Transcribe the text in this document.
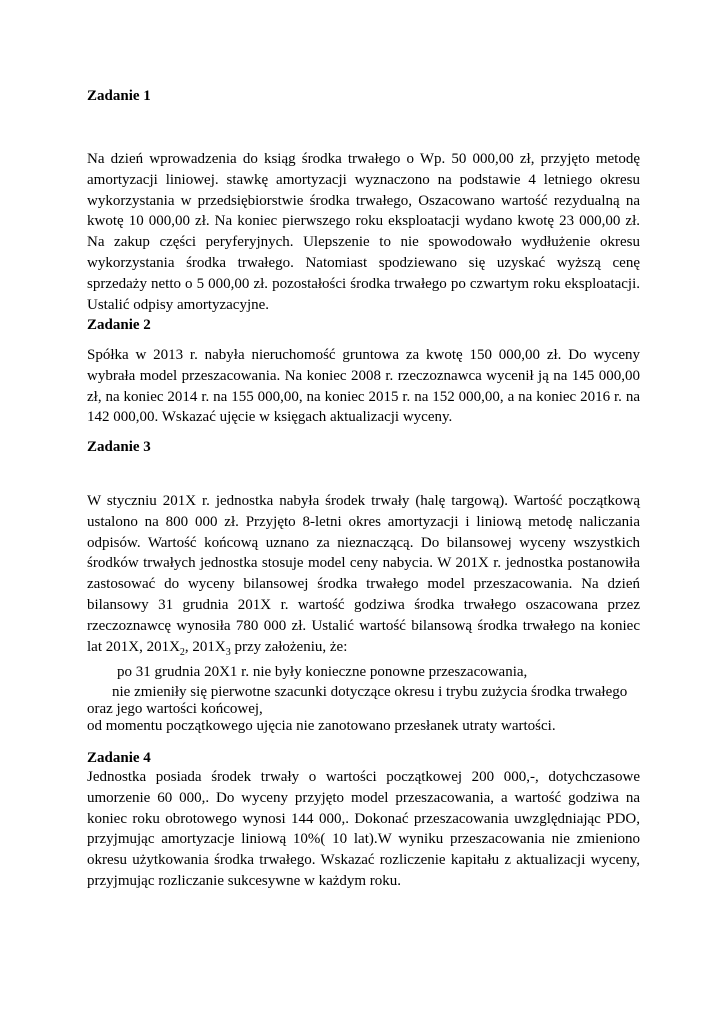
Zadanie 1

Na dzień wprowadzenia do ksiąg środka trwałego o Wp. 50 000,00 zł, przyjęto metodę amortyzacji liniowej. stawkę amortyzacji wyznaczono na podstawie 4 letniego okresu wykorzystania w przedsiębiorstwie środka trwałego, Oszacowano wartość rezydualną na kwotę 10 000,00 zł. Na koniec pierwszego roku eksploatacji wydano kwotę 23 000,00 zł. Na zakup części peryferyjnych. Ulepszenie to nie spowodowało wydłużenie okresu wykorzystania środka trwałego. Natomiast spodziewano się uzyskać wyższą cenę sprzedaży netto o 5 000,00 zł. pozostałości środka trwałego po czwartym roku eksploatacji. Ustalić odpisy amortyzacyjne.

Zadanie 2

Spółka w 2013 r. nabyła nieruchomość gruntowa za kwotę 150 000,00 zł. Do wyceny wybrała model przeszacowania. Na koniec 2008 r. rzeczoznawca wycenił ją na 145 000,00 zł, na koniec 2014 r. na 155 000,00, na koniec 2015 r. na 152 000,00, a na koniec 2016 r. na 142 000,00. Wskazać ujęcie w księgach aktualizacji wyceny.

Zadanie 3

W styczniu 201X r. jednostka nabyła środek trwały (halę targową). Wartość początkową ustalono na 800 000 zł. Przyjęto 8-letni okres amortyzacji i liniową metodę naliczania odpisów. Wartość końcową uznano za nieznaczącą. Do bilansowej wyceny wszystkich środków trwałych jednostka stosuje model ceny nabycia. W 201X r. jednostka postanowiła zastosować do wyceny bilansowej środka trwałego model przeszacowania. Na dzień bilansowy 31 grudnia 201X r. wartość godziwa środka trwałego oszacowana przez rzeczoznawcę wynosiła 780 000 zł. Ustalić wartość bilansową środka trwałego na koniec lat 201X, $201X_2$, $201X_3$ przy założeniu, że:

po 31 grudnia 20X1 r. nie były konieczne ponowne przeszacowania,

nie zmieniły się pierwotne szacunki dotyczące okresu i trybu zużycia środka trwałego

oraz jego wartości końcowej,

od momentu początkowego ujęcia nie zanotowano przesłanek utraty wartości.

Zadanie 4

Jednostka posiada środek trwały o wartości początkowej 200 000,-, dotychczasowe umorzenie 60 000,. Do wyceny przyjęto model przeszacowania, a wartość godziwa na koniec roku obrotowego wynosi 144 000,. Dokonać przeszacowania uwzględniając PDO, przyjmując amortyzacje liniową 10%( 10 lat).W wyniku przeszacowania nie zmieniono okresu użytkowania środka trwałego. Wskazać rozliczenie kapitału z aktualizacji wyceny, przyjmując rozliczanie sukcesywne w każdym roku.
